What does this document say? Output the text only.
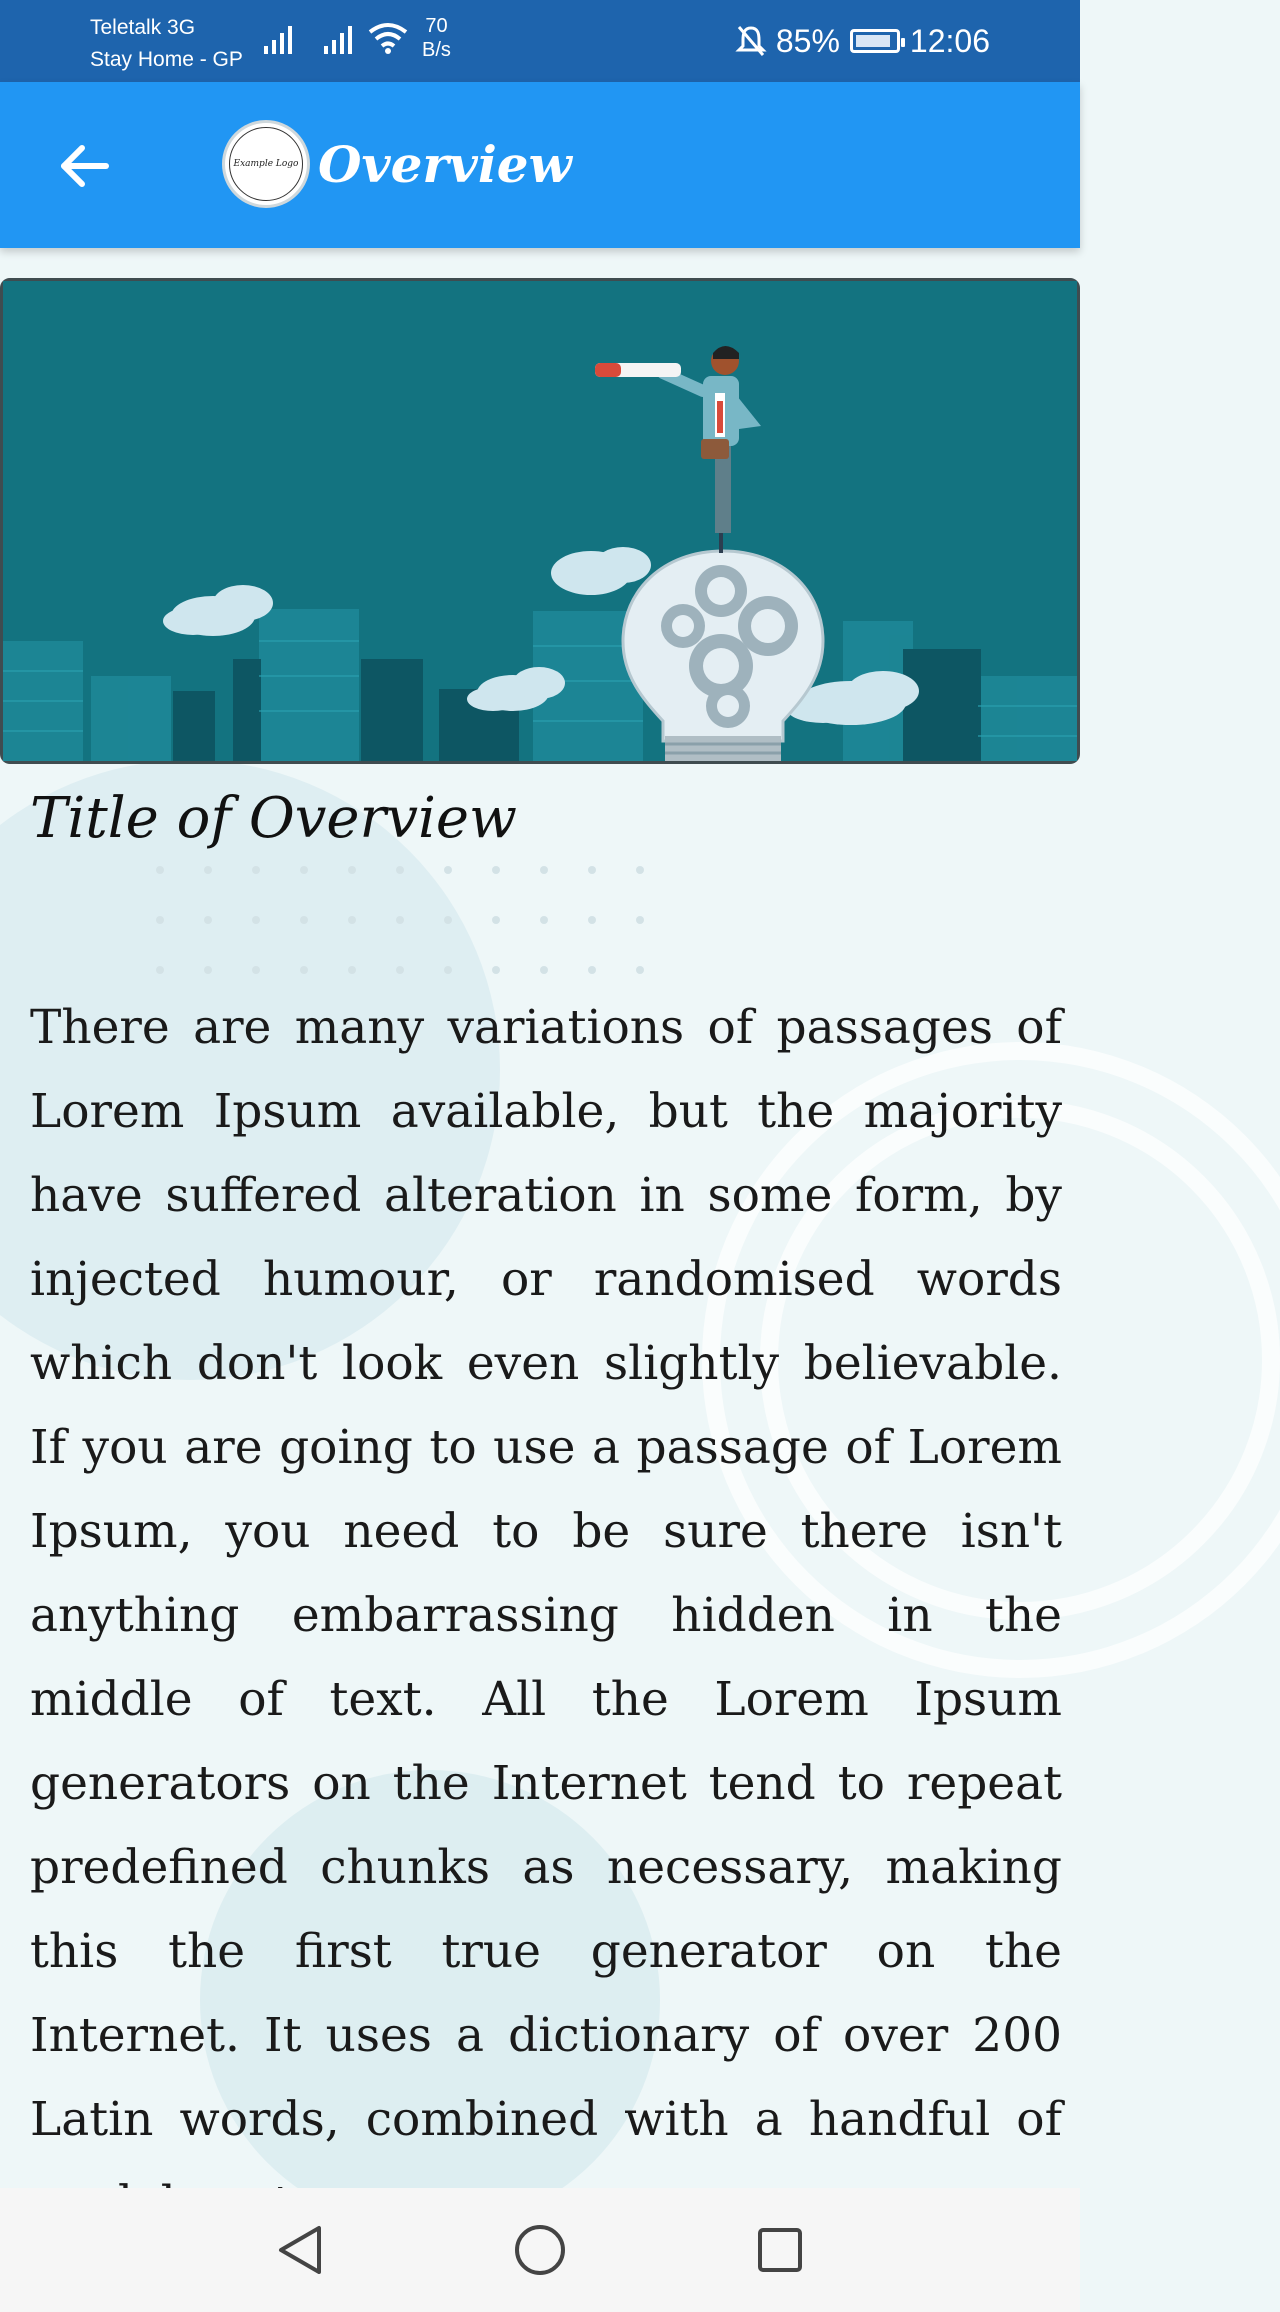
Teletalk 3G
Stay Home - GP
70
B/s	85% 12:06
Example Logo Overview
Title of Overview
There are many variations of passages of Lorem Ipsum available, but the majority have suffered alteration in some form, by injected humour, or randomised words which don't look even slightly believable. If you are going to use a passage of Lorem Ipsum, you need to be sure there isn't anything embarrassing hidden in the middle of text. All the Lorem Ipsum generators on the Internet tend to repeat predefined chunks as necessary, making this the first true generator on the Internet. It uses a dictionary of over 200 Latin words, combined with a handful of
